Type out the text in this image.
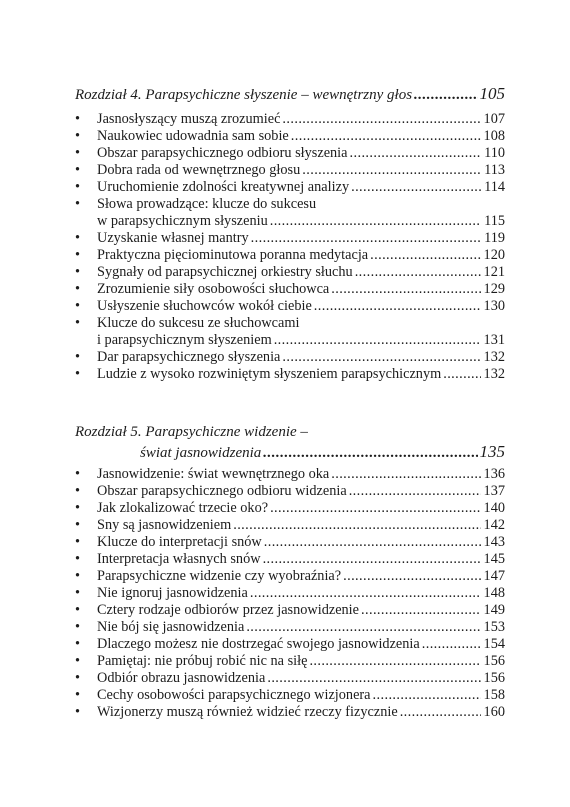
Rozdział 4. Parapsychiczne słyszenie – wewnętrzny głos .....	105
•	Jasnosłyszący muszą zrozumieć .....	107
•	Naukowiec udowadnia sam sobie .....	108
•	Obszar parapsychicznego odbioru słyszenia .....	110
•	Dobra rada od wewnętrznego głosu .....	113
•	Uruchomienie zdolności kreatywnej analizy .....	114
•	Słowa prowadzące: klucze do sukcesu
w parapsychicznym słyszeniu .....	115
•	Uzyskanie własnej mantry .....	119
•	Praktyczna pięciominutowa poranna medytacja .....	120
•	Sygnały od parapsychicznej orkiestry słuchu .....	121
•	Zrozumienie siły osobowości słuchowca .....	129
•	Usłyszenie słuchowców wokół ciebie .....	130
•	Klucze do sukcesu ze słuchowcami
i parapsychicznym słyszeniem .....	131
•	Dar parapsychicznego słyszenia .....	132
•	Ludzie z wysoko rozwiniętym słyszeniem parapsychicznym .....	132
Rozdział 5. Parapsychiczne widzenie –
świat jasnowidzenia .....	135
•	Jasnowidzenie: świat wewnętrznego oka .....	136
•	Obszar parapsychicznego odbioru widzenia .....	137
•	Jak zlokalizować trzecie oko? .....	140
•	Sny są jasnowidzeniem .....	142
•	Klucze do interpretacji snów .....	143
•	Interpretacja własnych snów .....	145
•	Parapsychiczne widzenie czy wyobraźnia? .....	147
•	Nie ignoruj jasnowidzenia .....	148
•	Cztery rodzaje odbiorów przez jasnowidzenie .....	149
•	Nie bój się jasnowidzenia .....	153
•	Dlaczego możesz nie dostrzegać swojego jasnowidzenia .....	154
•	Pamiętaj: nie próbuj robić nic na siłę .....	156
•	Odbiór obrazu jasnowidzenia .....	156
•	Cechy osobowości parapsychicznego wizjonera .....	158
•	Wizjonerzy muszą również widzieć rzeczy fizycznie .....	160
